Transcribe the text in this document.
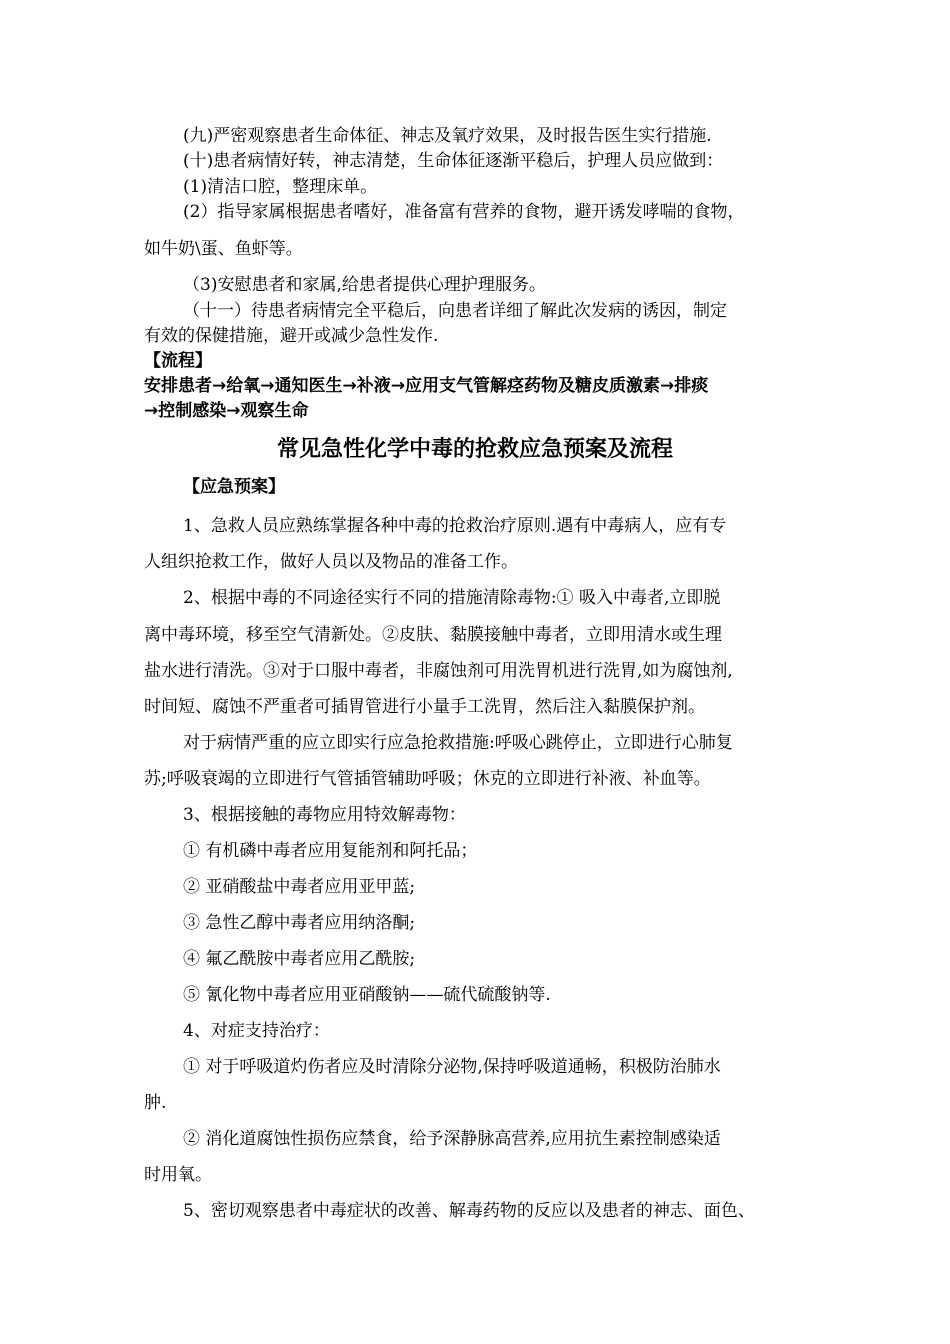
(九)严密观察患者生命体征、神志及氧疗效果，及时报告医生实行措施.
(十)患者病情好转，神志清楚，生命体征逐渐平稳后，护理人员应做到：
(1)清洁口腔，整理床单。
(2）指导家属根据患者嗜好，准备富有营养的食物，避开诱发哮喘的食物，
如牛奶\蛋、鱼虾等。
（3)安慰患者和家属,给患者提供心理护理服务。
（十一）待患者病情完全平稳后，向患者详细了解此次发病的诱因，制定
有效的保健措施，避开或减少急性发作.
【流程】
安排患者→给氧→通知医生→补液→应用支气管解痉药物及糖皮质激素→排痰
→控制感染→观察生命
常见急性化学中毒的抢救应急预案及流程
【应急预案】
1、急救人员应熟练掌握各种中毒的抢救治疗原则.遇有中毒病人，应有专
人组织抢救工作，做好人员以及物品的准备工作。
2、根据中毒的不同途径实行不同的措施清除毒物:① 吸入中毒者,立即脱
离中毒环境，移至空气清新处。②皮肤、黏膜接触中毒者，立即用清水或生理
盐水进行清洗。③对于口服中毒者，非腐蚀剂可用洗胃机进行洗胃,如为腐蚀剂,
时间短、腐蚀不严重者可插胃管进行小量手工洗胃，然后注入黏膜保护剂。
对于病情严重的应立即实行应急抢救措施:呼吸心跳停止，立即进行心肺复
苏;呼吸衰竭的立即进行气管插管辅助呼吸；休克的立即进行补液、补血等。
3、根据接触的毒物应用特效解毒物：
① 有机磷中毒者应用复能剂和阿托品；
② 亚硝酸盐中毒者应用亚甲蓝;
③ 急性乙醇中毒者应用纳洛酮;
④ 氟乙酰胺中毒者应用乙酰胺;
⑤ 氰化物中毒者应用亚硝酸钠——硫代硫酸钠等.
4、对症支持治疗：
① 对于呼吸道灼伤者应及时清除分泌物,保持呼吸道通畅，积极防治肺水
肿.
② 消化道腐蚀性损伤应禁食，给予深静脉高营养,应用抗生素控制感染适
时用氧。
5、密切观察患者中毒症状的改善、解毒药物的反应以及患者的神志、面色、
